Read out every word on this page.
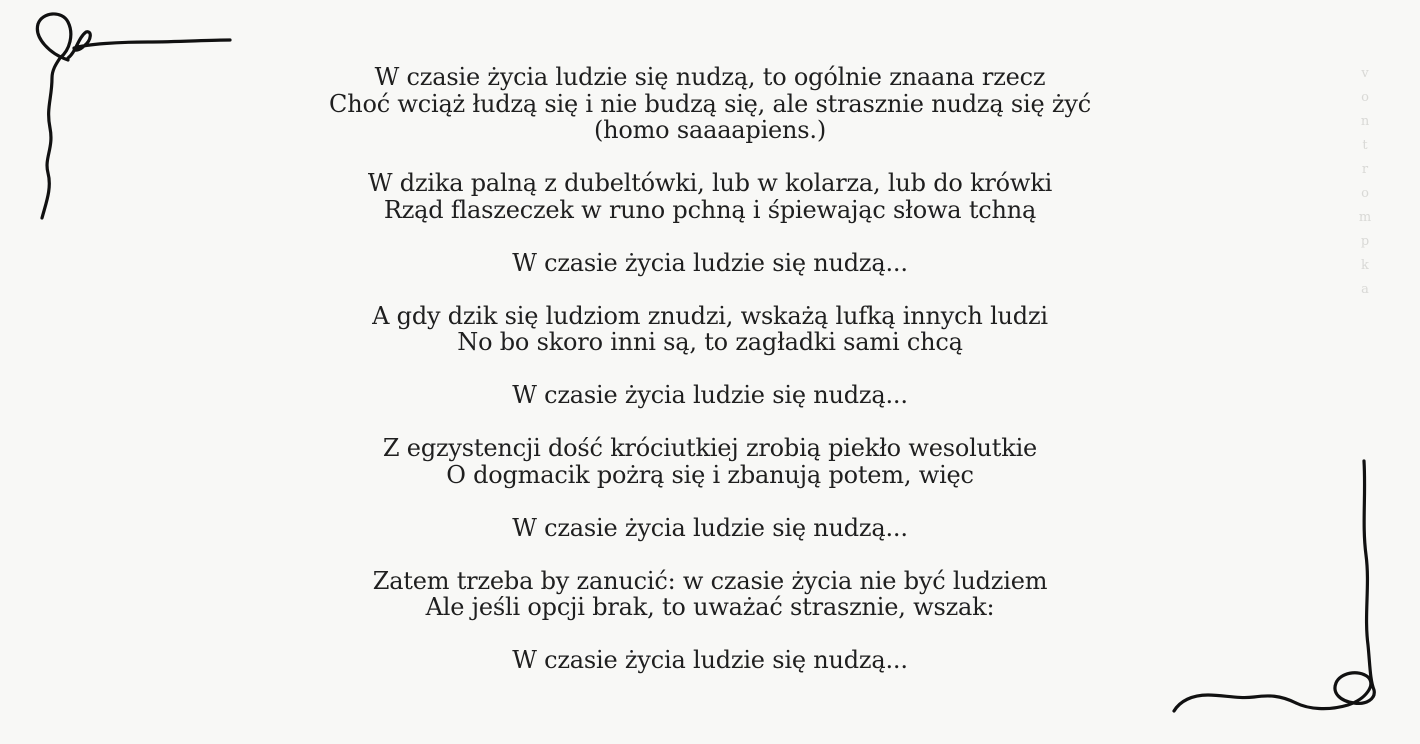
v
o
n
t
r
o
m
p
k
a
W czasie życia ludzie się nudzą, to ogólnie znaana rzecz
Choć wciąż łudzą się i nie budzą się, ale strasznie nudzą się żyć
(homo saaaapiens.)
W dzika palną z dubeltówki, lub w kolarza, lub do krówki
Rząd flaszeczek w runo pchną i śpiewając słowa tchną
W czasie życia ludzie się nudzą...
A gdy dzik się ludziom znudzi, wskażą lufką innych ludzi
No bo skoro inni są, to zagładki sami chcą
W czasie życia ludzie się nudzą...
Z egzystencji dość króciutkiej zrobią piekło wesolutkie
O dogmacik pożrą się i zbanują potem, więc
W czasie życia ludzie się nudzą...
Zatem trzeba by zanucić: w czasie życia nie być ludziem
Ale jeśli opcji brak, to uważać strasznie, wszak:
W czasie życia ludzie się nudzą...
